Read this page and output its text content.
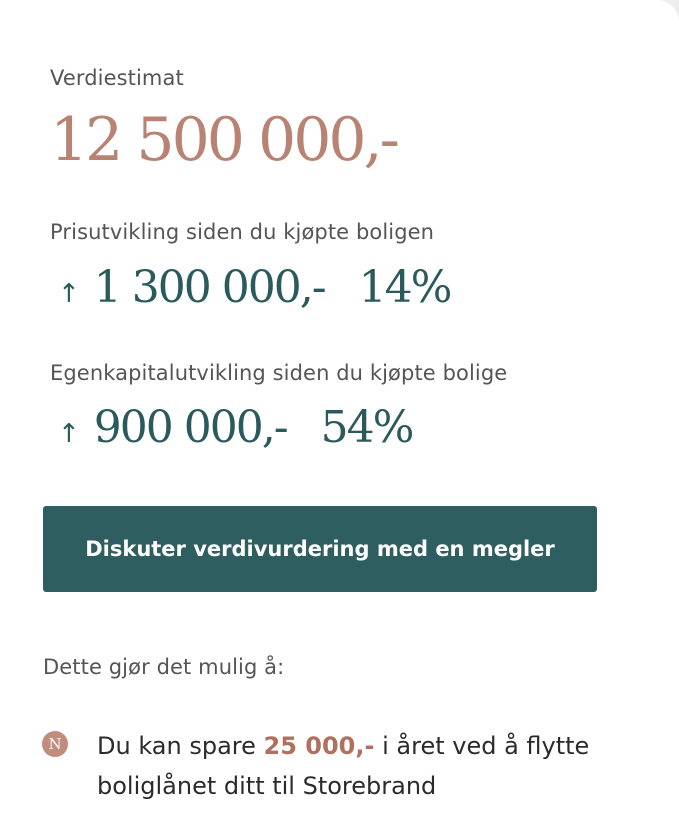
Verdiestimat
12 500 000,-
Prisutvikling siden du kjøpte boligen
↑ 1 300 000,- 14%
Egenkapitalutvikling siden du kjøpte bolige
↑ 900 000,- 54%
Diskuter verdivurdering med en megler
Dette gjør det mulig å:
N Du kan spare 25 000,- i året ved å flytte boliglånet ditt til Storebrand
